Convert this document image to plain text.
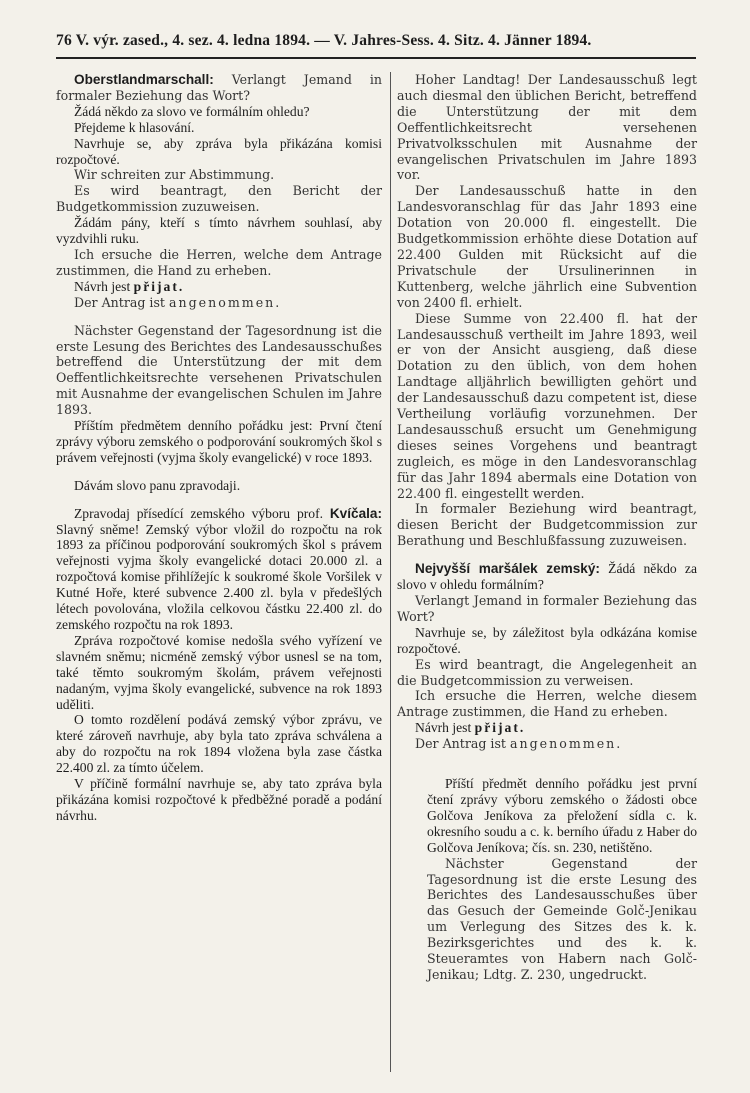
76 V. výr. zased., 4. sez. 4. ledna 1894. — V. Jahres-Sess. 4. Sitz. 4. Jänner 1894.

Oberstlandmarschall: Verlangt Jemand in formaler Beziehung das Wort?

Žádá někdo za slovo ve formálním ohledu?

Přejdeme k hlasování.

Navrhuje se, aby zpráva byla přikázána komisi rozpočtové.

Wir schreiten zur Abstimmung.

Es wird beantragt, den Bericht der Budgetkommission zuzuweisen.

Žádám pány, kteří s tímto návrhem souhlasí, aby vyzdvihli ruku.

Ich ersuche die Herren, welche dem Antrage zustimmen, die Hand zu erheben.

Návrh jest přijat.

Der Antrag ist angenommen.

Nächster Gegenstand der Tagesordnung ist die erste Lesung des Berichtes des Landesausschußes betreffend die Unterstützung der mit dem Oeffentlichkeitsrechte versehenen Privatschulen mit Ausnahme der evangelischen Schulen im Jahre 1893.

Příštím předmětem denního pořádku jest: První čtení zprávy výboru zemského o podporování soukromých škol s právem veřejnosti (vyjma školy evangelické) v roce 1893.

Dávám slovo panu zpravodaji.

Zpravodaj přísedící zemského výboru prof. Kvíčala: Slavný sněme! Zemský výbor vložil do rozpočtu na rok 1893 za příčinou podporování soukromých škol s právem veřejnosti vyjma školy evangelické dotaci 20.000 zl. a rozpočtová komise přihlížejíc k soukromé škole Voršilek v Kutné Hoře, které subvence 2.400 zl. byla v předešlých létech povolována, vložila celkovou částku 22.400 zl. do zemského rozpočtu na rok 1893.

Zpráva rozpočtové komise nedošla svého vyřízení ve slavném sněmu; nicméně zemský výbor usnesl se na tom, také těmto soukromým školám, právem veřejnosti nadaným, vyjma školy evangelické, subvence na rok 1893 uděliti.

O tomto rozdělení podává zemský výbor zprávu, ve které zároveň navrhuje, aby byla tato zpráva schválena a aby do rozpočtu na rok 1894 vložena byla zase částka 22.400 zl. za tímto účelem.

V příčině formální navrhuje se, aby tato zpráva byla přikázána komisi rozpočtové k předběžné poradě a podání návrhu.

Hoher Landtag! Der Landesausschuß legt auch diesmal den üblichen Bericht, betreffend die Unterstützung der mit dem Oeffentlichkeitsrecht versehenen Privatvolksschulen mit Ausnahme der evangelischen Privatschulen im Jahre 1893 vor.

Der Landesausschuß hatte in den Landesvoranschlag für das Jahr 1893 eine Dotation von 20.000 fl. eingestellt. Die Budgetkommission erhöhte diese Dotation auf 22.400 Gulden mit Rücksicht auf die Privatschule der Ursulinerinnen in Kuttenberg, welche jährlich eine Subvention von 2400 fl. erhielt.

Diese Summe von 22.400 fl. hat der Landesausschuß vertheilt im Jahre 1893, weil er von der Ansicht ausgieng, daß diese Dotation zu den üblich, von dem hohen Landtage alljährlich bewilligten gehört und der Landesausschuß dazu competent ist, diese Vertheilung vorläufig vorzunehmen. Der Landesausschuß ersucht um Genehmigung dieses seines Vorgehens und beantragt zugleich, es möge in den Landesvoranschlag für das Jahr 1894 abermals eine Dotation von 22.400 fl. eingestellt werden.

In formaler Beziehung wird beantragt, diesen Bericht der Budgetcommission zur Berathung und Beschlußfassung zuzuweisen.

Nejvyšší maršálek zemský: Žádá někdo za slovo v ohledu formálním?

Verlangt Jemand in formaler Beziehung das Wort?

Navrhuje se, by záležitost byla odkázána komise rozpočtové.

Es wird beantragt, die Angelegenheit an die Budgetcommission zu verweisen.

Ich ersuche die Herren, welche diesem Antrage zustimmen, die Hand zu erheben.

Návrh jest přijat.

Der Antrag ist angenommen.

Příští předmět denního pořádku jest první čtení zprávy výboru zemského o žádosti obce Golčova Jeníkova za přeložení sídla c. k. okresního soudu a c. k. berního úřadu z Haber do Golčova Jeníkova; čís. sn. 230, netištěno.

Nächster Gegenstand der Tagesordnung ist die erste Lesung des Berichtes des Landesausschußes über das Gesuch der Gemeinde Golč-Jenikau um Verlegung des Sitzes des k. k. Bezirksgerichtes und des k. k. Steueramtes von Habern nach Golč-Jenikau; Ldtg. Z. 230, ungedruckt.
